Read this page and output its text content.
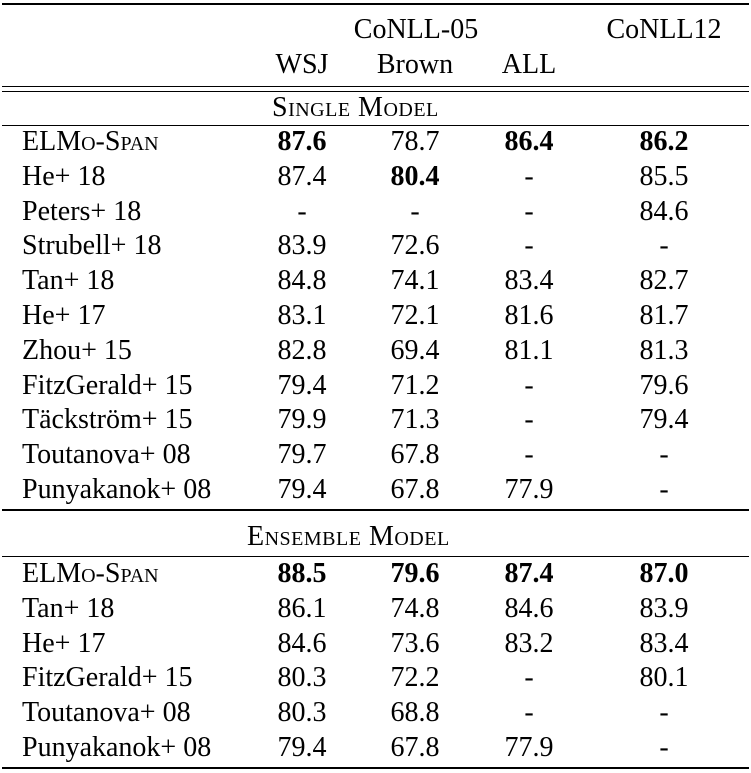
CoNLL-05	CoNLL12
WSJ Brown ALL
Single Model
ELMo-Span	87.6 78.7 86.4	86.2
He+ 18	87.4 80.4	-	85.5
Peters+ 18	-	-	-	84.6
Strubell+ 18	83.9 72.6	-	-
Tan+ 18	84.8 74.1 83.4	82.7
He+ 17	83.1 72.1 81.6	81.7
Zhou+ 15	82.8 69.4 81.1	81.3
FitzGerald+ 15	79.4 71.2	-	79.6
Täckström+ 15	79.9 71.3	-	79.4
Toutanova+ 08	79.7 67.8	-	-
Punyakanok+ 08 79.4 67.8 77.9	-
Ensemble Model
ELMo-Span	88.5 79.6 87.4	87.0
Tan+ 18	86.1 74.8 84.6	83.9
He+ 17	84.6 73.6 83.2	83.4
FitzGerald+ 15	80.3 72.2	-	80.1
Toutanova+ 08	80.3 68.8	-	-
Punyakanok+ 08 79.4 67.8 77.9	-
